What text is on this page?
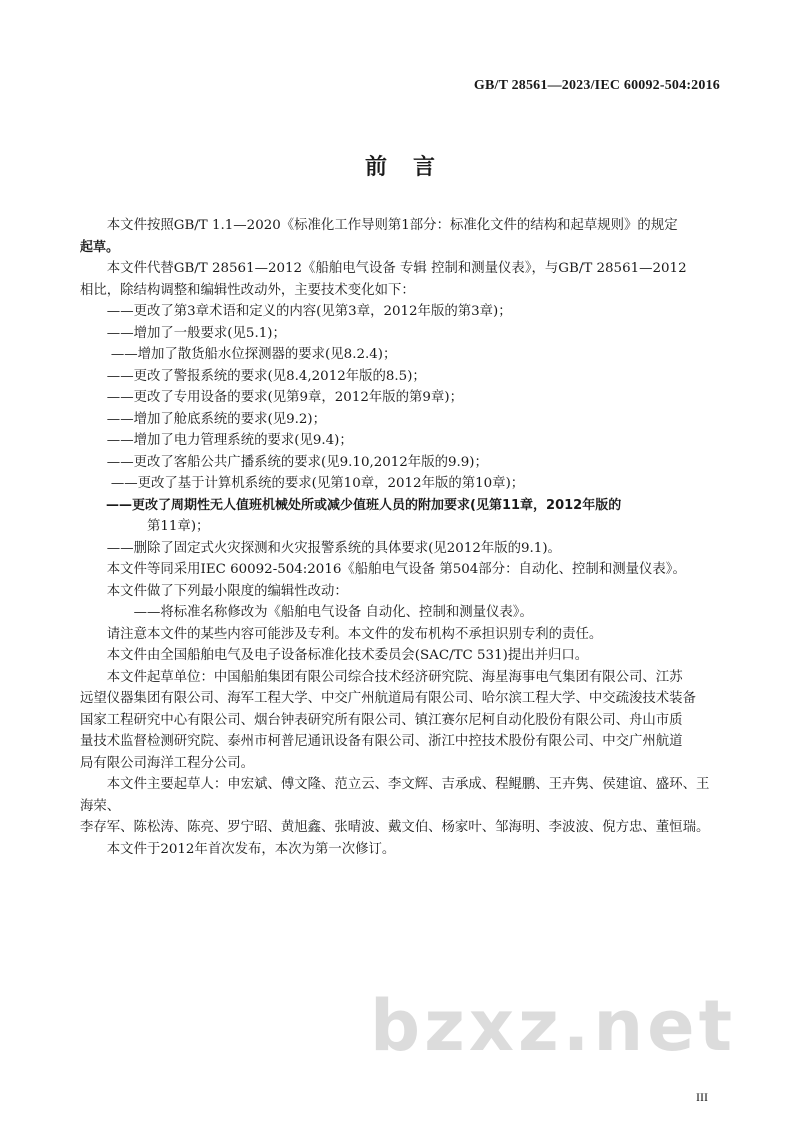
GB/T 28561—2023/IEC 60092-504:2016
前言

本文件按照GB/T 1.1—2020《标准化工作导则第1部分：标准化文件的结构和起草规则》的规定

起草。

本文件代替GB/T 28561—2012《船舶电气设备 专辑 控制和测量仪表》，与GB/T 28561—2012

相比，除结构调整和编辑性改动外，主要技术变化如下：

——更改了第3章术语和定义的内容(见第3章，2012年版的第3章)；

——增加了一般要求(见5.1)；

——增加了散货船水位探测器的要求(见8.2.4)；

——更改了警报系统的要求(见8.4,2012年版的8.5)；

——更改了专用设备的要求(见第9章，2012年版的第9章)；

——增加了舱底系统的要求(见9.2)；

——增加了电力管理系统的要求(见9.4)；

——更改了客船公共广播系统的要求(见9.10,2012年版的9.9)；

——更改了基于计算机系统的要求(见第10章，2012年版的第10章)；

——更改了周期性无人值班机械处所或减少值班人员的附加要求(见第11章，2012年版的

第11章)；

——删除了固定式火灾探测和火灾报警系统的具体要求(见2012年版的9.1)。

本文件等同采用IEC 60092-504:2016《船舶电气设备 第504部分：自动化、控制和测量仪表》。

本文件做了下列最小限度的编辑性改动：

——将标准名称修改为《船舶电气设备 自动化、控制和测量仪表》。

请注意本文件的某些内容可能涉及专利。本文件的发布机构不承担识别专利的责任。

本文件由全国船舶电气及电子设备标准化技术委员会(SAC/TC 531)提出并归口。

本文件起草单位：中国船舶集团有限公司综合技术经济研究院、海星海事电气集团有限公司、江苏

远望仪器集团有限公司、海军工程大学、中交广州航道局有限公司、哈尔滨工程大学、中交疏浚技术装备

国家工程研究中心有限公司、烟台钟表研究所有限公司、镇江赛尔尼柯自动化股份有限公司、舟山市质

量技术监督检测研究院、泰州市柯普尼通讯设备有限公司、浙江中控技术股份有限公司、中交广州航道

局有限公司海洋工程分公司。

本文件主要起草人：申宏斌、傅文隆、范立云、李文辉、吉承成、程鲲鹏、王卉隽、侯建谊、盛环、王海荣、

李存军、陈松涛、陈亮、罗宁昭、黄旭鑫、张晴波、戴文伯、杨家叶、邹海明、李波波、倪方忠、董恒瑞。

本文件于2012年首次发布，本次为第一次修订。

bzxz.net
III
